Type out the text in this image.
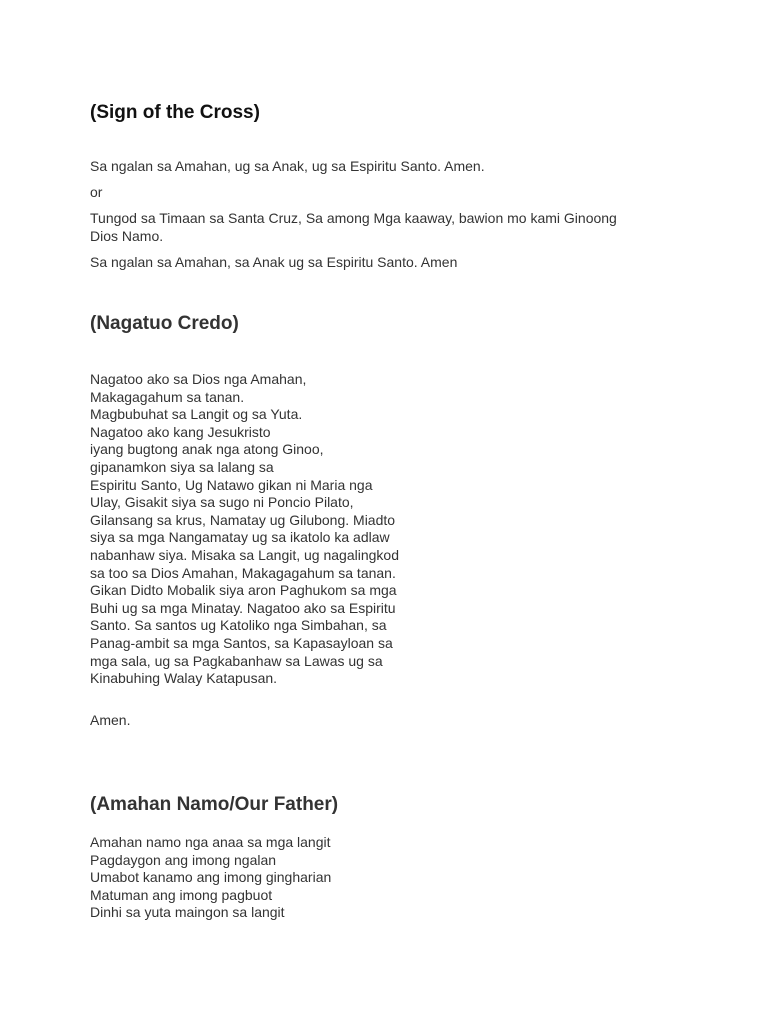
(Sign of the Cross)

Sa ngalan sa Amahan, ug sa Anak, ug sa Espiritu Santo. Amen.

or

Tungod sa Timaan sa Santa Cruz, Sa among Mga kaaway, bawion mo kami Ginoong

Dios Namo.

Sa ngalan sa Amahan, sa Anak ug sa Espiritu Santo. Amen

(Nagatuo Credo)
Nagatoo ako sa Dios nga Amahan,
Makagagahum sa tanan.
Magbubuhat sa Langit og sa Yuta.
Nagatoo ako kang Jesukristo
iyang bugtong anak nga atong Ginoo,
gipanamkon siya sa lalang sa
Espiritu Santo, Ug Natawo gikan ni Maria nga
Ulay, Gisakit siya sa sugo ni Poncio Pilato,
Gilansang sa krus, Namatay ug Gilubong. Miadto
siya sa mga Nangamatay ug sa ikatolo ka adlaw
nabanhaw siya. Misaka sa Langit, ug nagalingkod
sa too sa Dios Amahan, Makagagahum sa tanan.
Gikan Didto Mobalik siya aron Paghukom sa mga
Buhi ug sa mga Minatay. Nagatoo ako sa Espiritu
Santo. Sa santos ug Katoliko nga Simbahan, sa
Panag-ambit sa mga Santos, sa Kapasayloan sa
mga sala, ug sa Pagkabanhaw sa Lawas ug sa
Kinabuhing Walay Katapusan.

Amen.

(Amahan Namo/Our Father)
Amahan namo nga anaa sa mga langit
Pagdaygon ang imong ngalan
Umabot kanamo ang imong gingharian
Matuman ang imong pagbuot
Dinhi sa yuta maingon sa langit
